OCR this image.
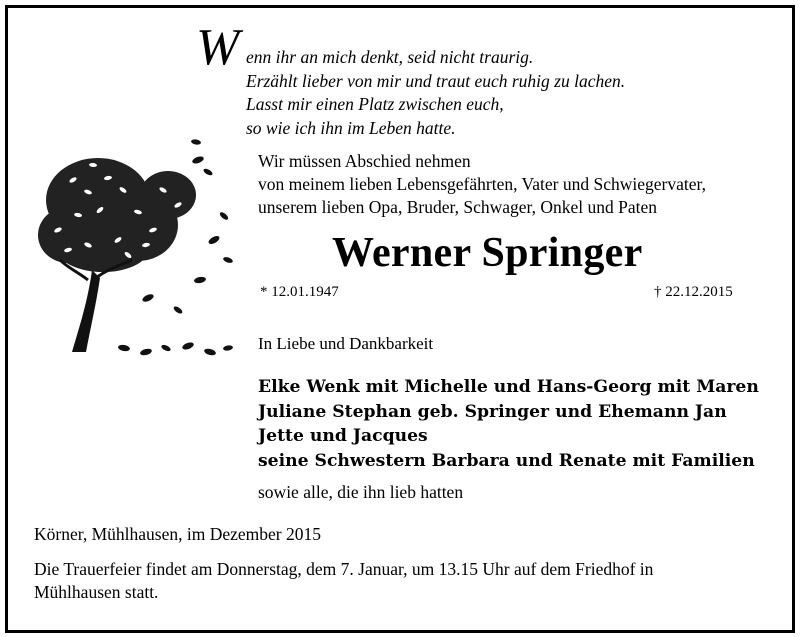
W enn ihr an mich denkt, seid nicht traurig.
Erzählt lieber von mir und traut euch ruhig zu lachen.
Lasst mir einen Platz zwischen euch,
so wie ich ihn im Leben hatte.
Wir müssen Abschied nehmen
von meinem lieben Lebensgefährten, Vater und Schwiegervater,
unserem lieben Opa, Bruder, Schwager, Onkel und Paten
Werner Springer
* 12.01.1947	† 22.12.2015
In Liebe und Dankbarkeit
Elke Wenk mit Michelle und Hans-Georg mit Maren
Juliane Stephan geb. Springer und Ehemann Jan
Jette und Jacques
seine Schwestern Barbara und Renate mit Familien
sowie alle, die ihn lieb hatten
Körner, Mühlhausen, im Dezember 2015
Die Trauerfeier findet am Donnerstag, dem 7. Januar, um 13.15 Uhr auf dem Friedhof in
Mühlhausen statt.
